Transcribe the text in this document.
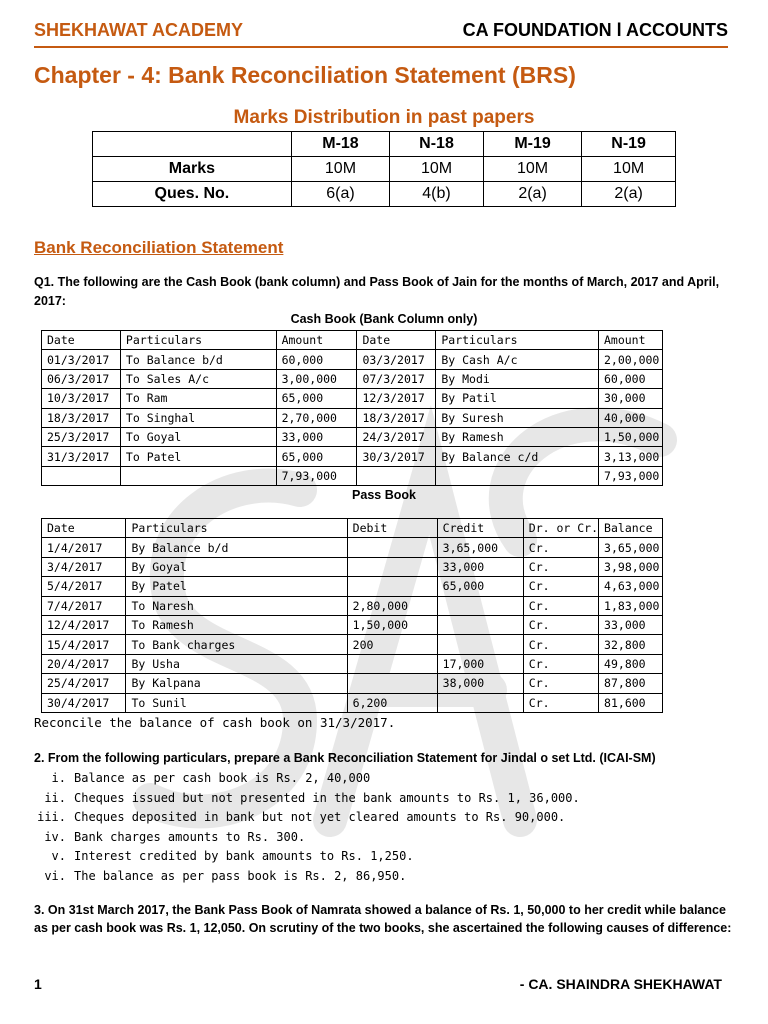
SHEKHAWAT ACADEMY	CA FOUNDATION l ACCOUNTS
Chapter - 4: Bank Reconciliation Statement (BRS)
Marks Distribution in past papers
	M-18	N-18	M-19	N-19
Marks	10M	10M	10M	10M
Ques. No.	6(a)	4(b)	2(a)	2(a)
Bank Reconciliation Statement
Q1. The following are the Cash Book (bank column) and Pass Book of Jain for the months of March, 2017 and April, 2017:
Cash Book (Bank Column only)
Date	Particulars	Amount	Date	Particulars	Amount
01/3/2017	To Balance b/d	60,000	03/3/2017	By Cash A/c	2,00,000
06/3/2017	To Sales A/c	3,00,000	07/3/2017	By Modi	60,000
10/3/2017	To Ram	65,000	12/3/2017	By Patil	30,000
18/3/2017	To Singhal	2,70,000	18/3/2017	By Suresh	40,000
25/3/2017	To Goyal	33,000	24/3/2017	By Ramesh	1,50,000
31/3/2017	To Patel	65,000	30/3/2017	By Balance c/d	3,13,000
		7,93,000			7,93,000
Pass Book
Date	Particulars	Debit	Credit	Dr. or Cr.	Balance
1/4/2017	By Balance b/d		3,65,000	Cr.	3,65,000
3/4/2017	By Goyal		33,000	Cr.	3,98,000
5/4/2017	By Patel		65,000	Cr.	4,63,000
7/4/2017	To Naresh	2,80,000		Cr.	1,83,000
12/4/2017	To Ramesh	1,50,000		Cr.	33,000
15/4/2017	To Bank charges	200		Cr.	32,800
20/4/2017	By Usha		17,000	Cr.	49,800
25/4/2017	By Kalpana		38,000	Cr.	87,800
30/4/2017	To Sunil	6,200		Cr.	81,600
Reconcile the balance of cash book on 31/3/2017.
2. From the following particulars, prepare a Bank Reconciliation Statement for Jindal o set Ltd. (ICAI-SM)
i. Balance as per cash book is Rs. 2, 40,000
ii. Cheques issued but not presented in the bank amounts to Rs. 1, 36,000.
iii. Cheques deposited in bank but not yet cleared amounts to Rs. 90,000.
iv. Bank charges amounts to Rs. 300.
v. Interest credited by bank amounts to Rs. 1,250.
vi. The balance as per pass book is Rs. 2, 86,950.
3. On 31st March 2017, the Bank Pass Book of Namrata showed a balance of Rs. 1, 50,000 to her credit while balance as per cash book was Rs. 1, 12,050. On scrutiny of the two books, she ascertained the following causes of difference:
1	- CA. SHAINDRA SHEKHAWAT
